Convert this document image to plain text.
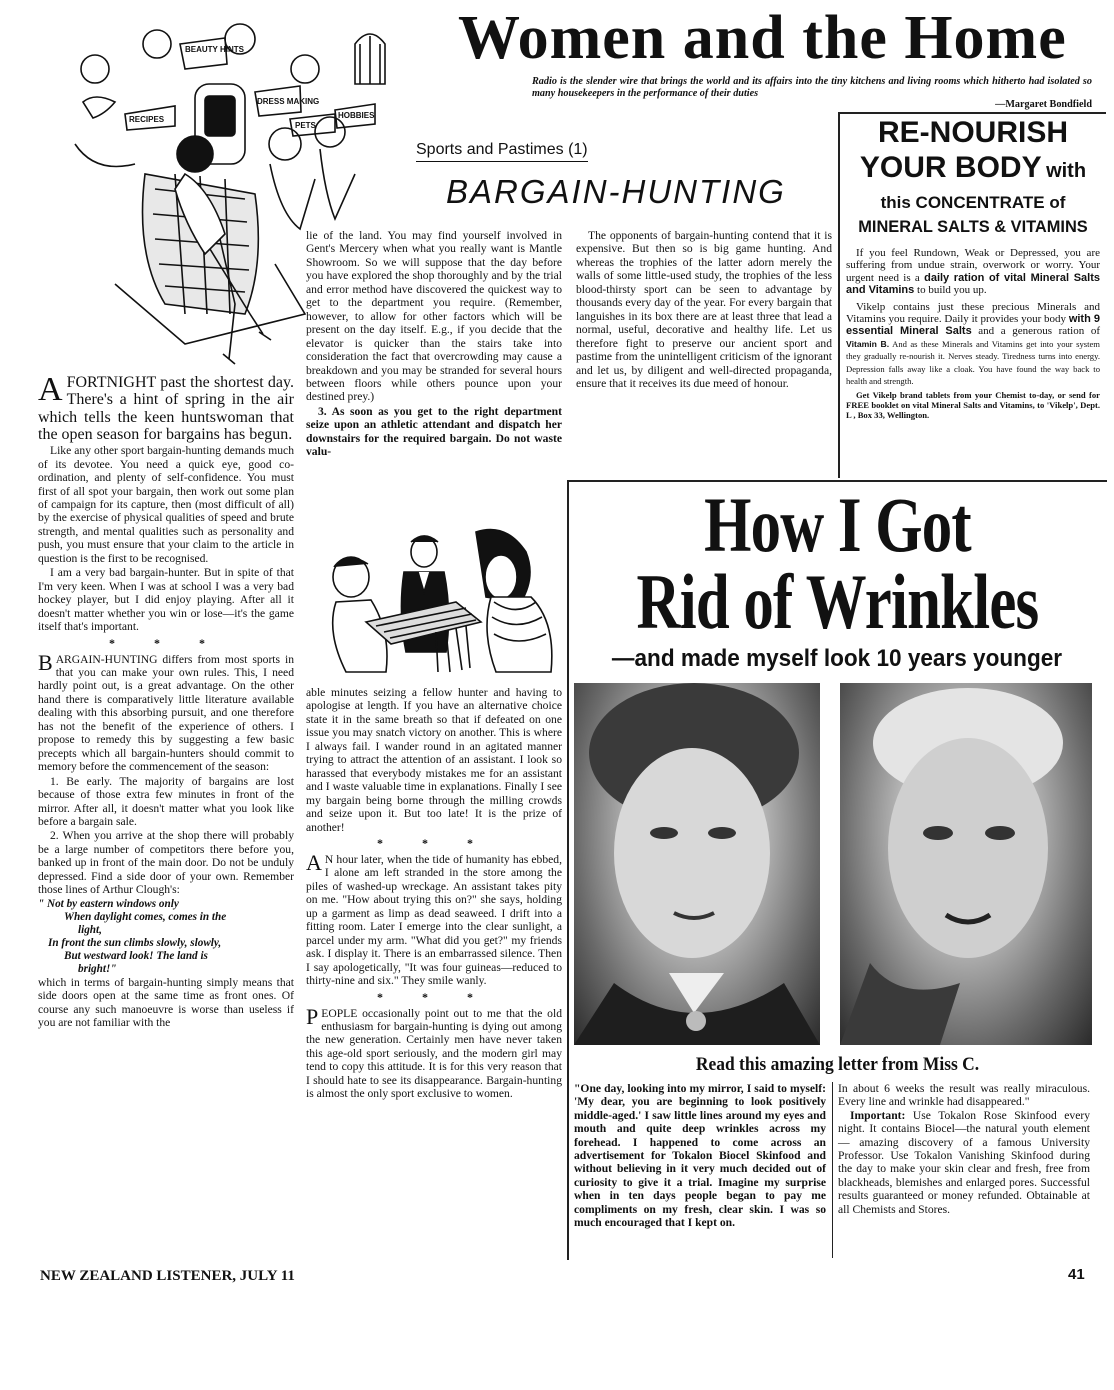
Women and the Home
Radio is the slender wire that brings the world and its affairs into the tiny kitchens and living rooms which hitherto had isolated so many housekeepers in the performance of their duties
—Margaret Bondfield
BEAUTY HINTS
DRESS MAKING
RECIPES
PETS
HOBBIES
Sports and Pastimes (1)
BARGAIN-HUNTING

A FORTNIGHT past the shortest day. There's a hint of spring in the air which tells the keen huntswoman that the open season for bargains has begun.

Like any other sport bargain-hunting demands much of its devotee. You need a quick eye, good co-ordination, and plenty of self-confidence. You must first of all spot your bargain, then work out some plan of campaign for its capture, then (most difficult of all) by the exercise of physical qualities of speed and brute strength, and mental qualities such as personality and push, you must ensure that your claim to the article in question is the first to be recognised.

I am a very bad bargain-hunter. But in spite of that I'm very keen. When I was at school I was a very bad hockey player, but I did enjoy playing. After all it doesn't matter whether you win or lose—it's the game itself that's important.

* * *

B ARGAIN-HUNTING differs from most sports in that you can make your own rules. This, I need hardly point out, is a great advantage. On the other hand there is comparatively little literature available dealing with this absorbing pursuit, and one therefore has not the benefit of the experience of others. I propose to remedy this by suggesting a few basic precepts which all bargain-hunters should commit to memory before the commencement of the season:

1. Be early. The majority of bargains are lost because of those extra few minutes in front of the mirror. After all, it doesn't matter what you look like before a bargain sale.

2. When you arrive at the shop there will probably be a large number of competitors there before you, banked up in front of the main door. Do not be unduly depressed. Find a side door of your own. Remember those lines of Arthur Clough's:

" Not by eastern windows only
When daylight comes, comes in the
light,
In front the sun climbs slowly, slowly,
But westward look! The land is
bright!"

which in terms of bargain-hunting simply means that side doors open at the same time as front ones. Of course any such manoeuvre is worse than useless if you are not familiar with the

lie of the land. You may find yourself involved in Gent's Mercery when what you really want is Mantle Showroom. So we will suppose that the day before you have explored the shop thoroughly and by the trial and error method have discovered the quickest way to get to the department you require. (Remember, however, to allow for other factors which will be present on the day itself. E.g., if you decide that the elevator is quicker than the stairs take into consideration the fact that overcrowding may cause a breakdown and you may be stranded for several hours between floors while others pounce upon your destined prey.)

3. As soon as you get to the right department seize upon an athletic attendant and dispatch her downstairs for the required bargain. Do not waste valu-

able minutes seizing a fellow hunter and having to apologise at length. If you have an alternative choice state it in the same breath so that if defeated on one issue you may snatch victory on another. This is where I always fail. I wander round in an agitated manner trying to attract the attention of an assistant. I look so harassed that everybody mistakes me for an assistant and I waste valuable time in explanations. Finally I see my bargain being borne through the milling crowds and seize upon it. But too late! It is the prize of another!

* * *

A N hour later, when the tide of humanity has ebbed, I alone am left stranded in the store among the piles of washed-up wreckage. An assistant takes pity on me. "How about trying this on?" she says, holding up a garment as limp as dead seaweed. I drift into a fitting room. Later I emerge into the clear sunlight, a parcel under my arm. "What did you get?" my friends ask. I display it. There is an embarrassed silence. Then I say apologetically, "It was four guineas—reduced to thirty-nine and six." They smile wanly.

* * *

P EOPLE occasionally point out to me that the old enthusiasm for bargain-hunting is dying out among the new generation. Certainly men have never taken this age-old sport seriously, and the modern girl may tend to copy this attitude. It is for this very reason that I should hate to see its disappearance. Bargain-hunting is almost the only sport exclusive to women.

The opponents of bargain-hunting contend that it is expensive. But then so is big game hunting. And whereas the trophies of the latter adorn merely the walls of some little-used study, the trophies of the less blood-thirsty sport can be seen to advantage by thousands every day of the year. For every bargain that languishes in its box there are at least three that lead a normal, useful, decorative and healthy life. Let us therefore fight to preserve our ancient sport and pastime from the unintelligent criticism of the ignorant and let us, by diligent and well-directed propaganda, ensure that it receives its due meed of honour.

RE-NOURISH
YOUR BODY with
this CONCENTRATE of
MINERAL SALTS & VITAMINS

If you feel Rundown, Weak or Depressed, you are suffering from undue strain, overwork or worry. Your urgent need is a daily ration of vital Mineral Salts and Vitamins to build you up.

Vikelp contains just these precious Minerals and Vitamins you require. Daily it provides your body with 9 essential Mineral Salts and a generous ration of Vitamin B. And as these Minerals and Vitamins get into your system they gradually re-nourish it. Nerves steady. Tiredness turns into energy. Depression falls away like a cloak. You have found the way back to health and strength.

Get Vikelp brand tablets from your Chemist to-day, or send for FREE booklet on vital Mineral Salts and Vitamins, to 'Vikelp', Dept. L , Box 33, Wellington.

How I Got
Rid of Wrinkles
—and made myself look 10 years younger
Read this amazing letter from Miss C.
"One day, looking into my mirror, I said to myself: 'My dear, you are beginning to look positively middle-aged.' I saw little lines around my eyes and mouth and quite deep wrinkles across my forehead. I happened to come across an advertisement for Tokalon Biocel Skinfood and without believing in it very much decided out of curiosity to give it a trial. Imagine my surprise when in ten days people began to pay me compliments on my fresh, clear skin. I was so much encouraged that I kept on.
In about 6 weeks the result was really miraculous. Every line and wrinkle had disappeared."
Important: Use Tokalon Rose Skinfood every night. It contains Biocel—the natural youth element — amazing discovery of a famous University Professor. Use Tokalon Vanishing Skinfood during the day to make your skin clear and fresh, free from blackheads, blemishes and enlarged pores. Successful results guaranteed or money refunded. Obtainable at all Chemists and Stores.
NEW ZEALAND LISTENER, JULY 11	41
